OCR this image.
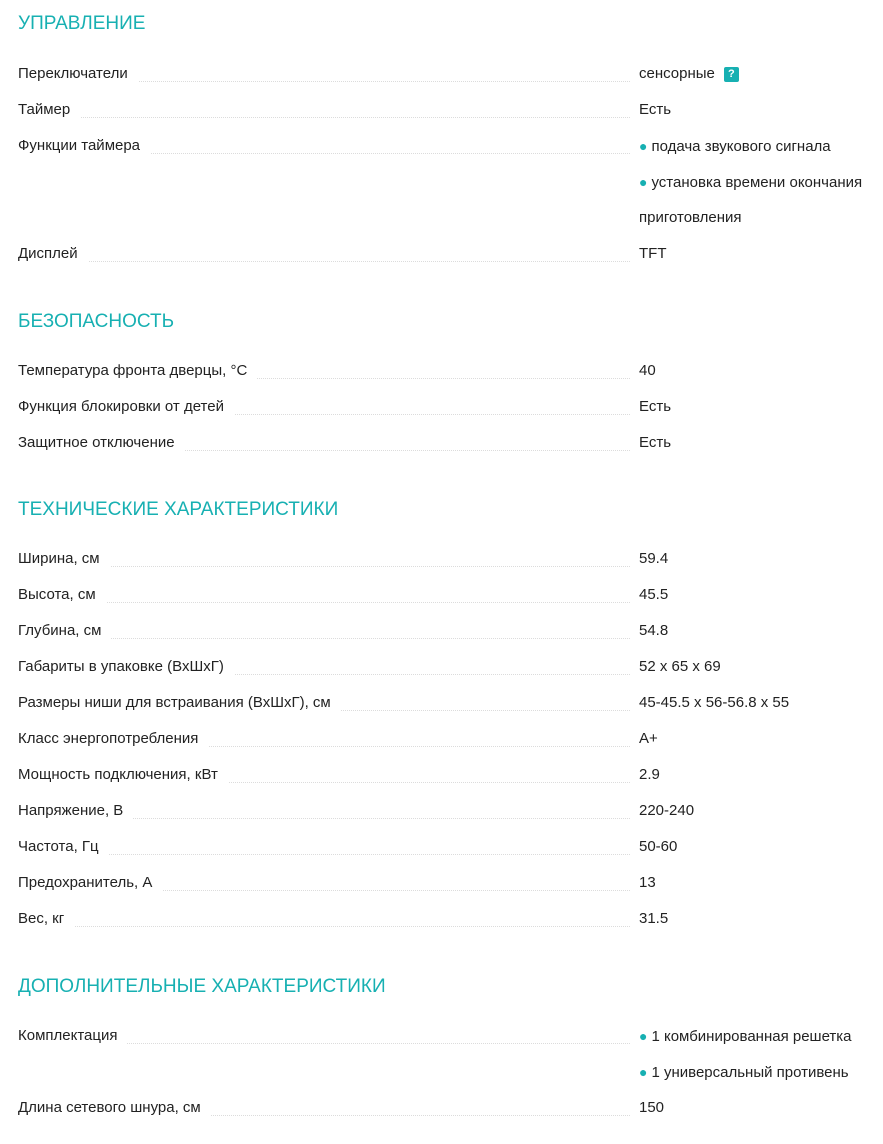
УПРАВЛЕНИЕ
Переключатели	сенсорные ?
Таймер	Есть
Функции таймера	● подача звукового сигнала
● установка времени окончания
приготовления
Дисплей	TFT
БЕЗОПАСНОСТЬ
Температура фронта дверцы, °C	40
Функция блокировки от детей	Есть
Защитное отключение	Есть
ТЕХНИЧЕСКИЕ ХАРАКТЕРИСТИКИ
Ширина, см	59.4
Высота, см	45.5
Глубина, см	54.8
Габариты в упаковке (ВхШхГ)	52 x 65 x 69
Размеры ниши для встраивания (ВхШхГ), см	45-45.5 x 56-56.8 x 55
Класс энергопотребления	A+
Мощность подключения, кВт	2.9
Напряжение, В	220-240
Частота, Гц	50-60
Предохранитель, А	13
Вес, кг	31.5
ДОПОЛНИТЕЛЬНЫЕ ХАРАКТЕРИСТИКИ
Комплектация	● 1 комбинированная решетка
● 1 универсальный противень
Длина сетевого шнура, см	150
